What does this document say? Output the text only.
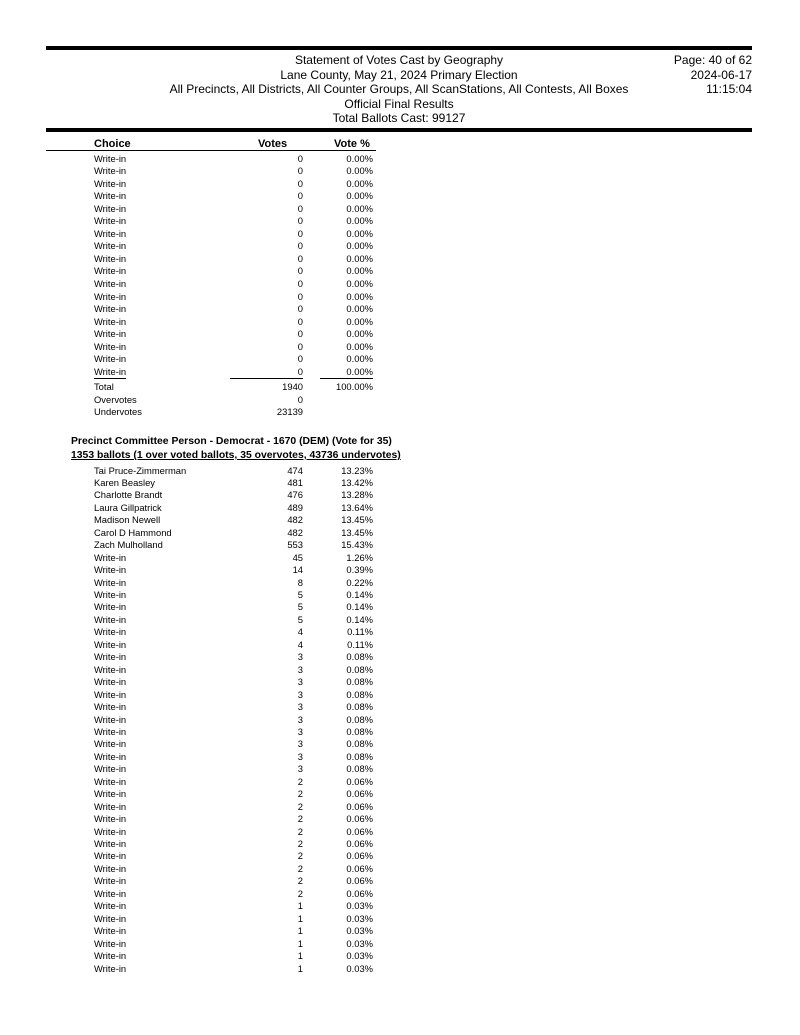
Statement of Votes Cast by Geography
Lane County, May 21, 2024 Primary Election
All Precincts, All Districts, All Counter Groups, All ScanStations, All Contests, All Boxes
Official Final Results
Total Ballots Cast: 99127
Page: 40 of 62
2024-06-17
11:15:04
Choice	Votes	Vote %
Write-in	0	0.00%
Write-in	0	0.00%
Write-in	0	0.00%
Write-in	0	0.00%
Write-in	0	0.00%
Write-in	0	0.00%
Write-in	0	0.00%
Write-in	0	0.00%
Write-in	0	0.00%
Write-in	0	0.00%
Write-in	0	0.00%
Write-in	0	0.00%
Write-in	0	0.00%
Write-in	0	0.00%
Write-in	0	0.00%
Write-in	0	0.00%
Write-in	0	0.00%
Write-in	0	0.00%
Total	1940	100.00%
Overvotes	0
Undervotes	23139
Precinct Committee Person - Democrat - 1670 (DEM) (Vote for 35)
1353 ballots (1 over voted ballots, 35 overvotes, 43736 undervotes)
Tai Pruce-Zimmerman	474	13.23%
Karen Beasley	481	13.42%
Charlotte Brandt	476	13.28%
Laura Gillpatrick	489	13.64%
Madison Newell	482	13.45%
Carol D Hammond	482	13.45%
Zach Mulholland	553	15.43%
Write-in	45	1.26%
Write-in	14	0.39%
Write-in	8	0.22%
Write-in	5	0.14%
Write-in	5	0.14%
Write-in	5	0.14%
Write-in	4	0.11%
Write-in	4	0.11%
Write-in	3	0.08%
Write-in	3	0.08%
Write-in	3	0.08%
Write-in	3	0.08%
Write-in	3	0.08%
Write-in	3	0.08%
Write-in	3	0.08%
Write-in	3	0.08%
Write-in	3	0.08%
Write-in	3	0.08%
Write-in	2	0.06%
Write-in	2	0.06%
Write-in	2	0.06%
Write-in	2	0.06%
Write-in	2	0.06%
Write-in	2	0.06%
Write-in	2	0.06%
Write-in	2	0.06%
Write-in	2	0.06%
Write-in	2	0.06%
Write-in	1	0.03%
Write-in	1	0.03%
Write-in	1	0.03%
Write-in	1	0.03%
Write-in	1	0.03%
Write-in	1	0.03%
